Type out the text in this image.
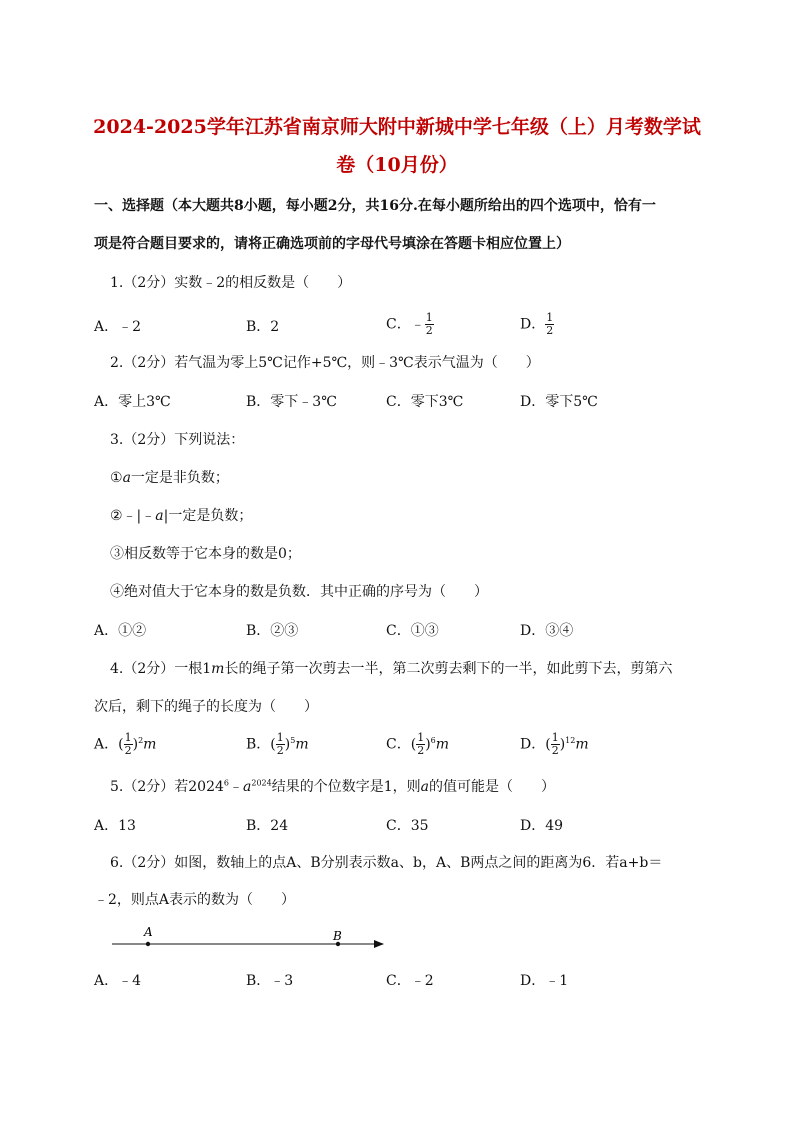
2024-2025学年江苏省南京师大附中新城中学七年级（上）月考数学试
卷（10月份）
一、选择题（本大题共8小题，每小题2分，共16分.在每小题所给出的四个选项中，恰有一
项是符合题目要求的，请将正确选项前的字母代号填涂在答题卡相应位置上）
1.（2分）实数﹣2的相反数是（　　）
A．﹣2	B．2	C．﹣ $\frac{1}{2}$	D． $\frac{1}{2}$
2.（2分）若气温为零上5℃记作+5℃，则﹣3℃表示气温为（　　）
A．零上3℃	B．零下﹣3℃	C．零下3℃	D．零下5℃
3.（2分）下列说法：
①a一定是非负数；
②﹣|﹣a|一定是负数；
③相反数等于它本身的数是0；
④绝对值大于它本身的数是负数．其中正确的序号为（　　）
A．①②	B．②③	C．①③	D．③④
4.（2分）一根1m长的绳子第一次剪去一半，第二次剪去剩下的一半，如此剪下去，剪第六
次后，剩下的绳子的长度为（　　）
A．( $\frac{1}{2} )^2m$	B．( $\frac{1}{2} )^5m$	C．( $\frac{1}{2} )^6m$	D．( $\frac{1}{2} )^{12}m$
5.（2分）若$2024^6﹣a^{2024}$结果的个位数字是1，则a的值可能是（　　）
A．13	B．24	C．35	D．49
6.（2分）如图，数轴上的点A、B分别表示数a、b，A、B两点之间的距离为6．若a+b＝
﹣2，则点A表示的数为（　　）
A	B
A．﹣4	B．﹣3	C．﹣2	D．﹣1
